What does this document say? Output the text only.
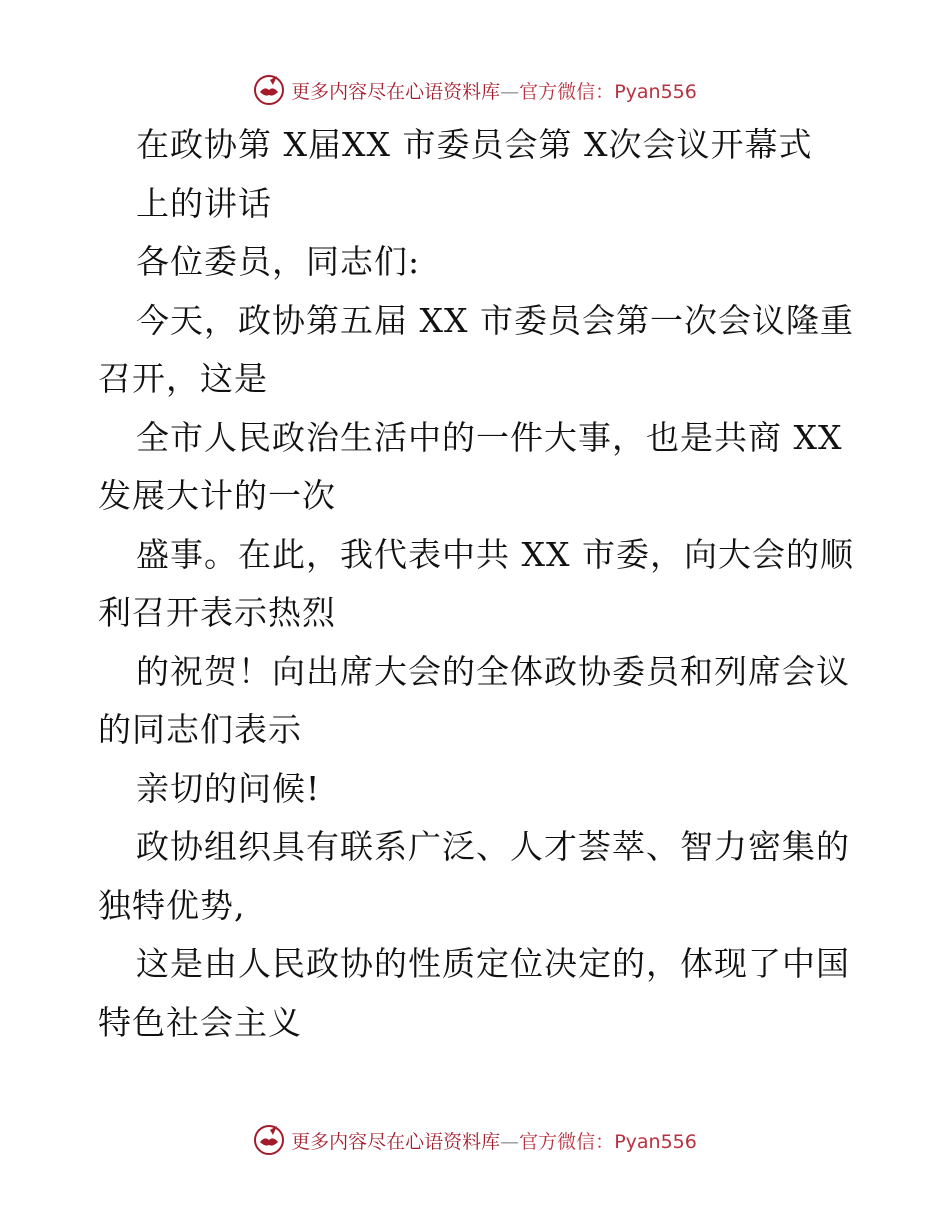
更多内容尽在心语资料库—官方微信：Pyan556
在政协第 X届XX 市委员会第 X次会议开幕式
上的讲话
各位委员，同志们:
今天，政协第五届 XX 市委员会第一次会议隆重
召开，这是
全市人民政治生活中的一件大事，也是共商 XX
发展大计的一次
盛事。在此，我代表中共 XX 市委，向大会的顺
利召开表示热烈
的祝贺！向出席大会的全体政协委员和列席会议
的同志们表示
亲切的问候!
政协组织具有联系广泛、人才荟萃、智力密集的
独特优势,
这是由人民政协的性质定位决定的，体现了中国
特色社会主义
更多内容尽在心语资料库—官方微信：Pyan556
